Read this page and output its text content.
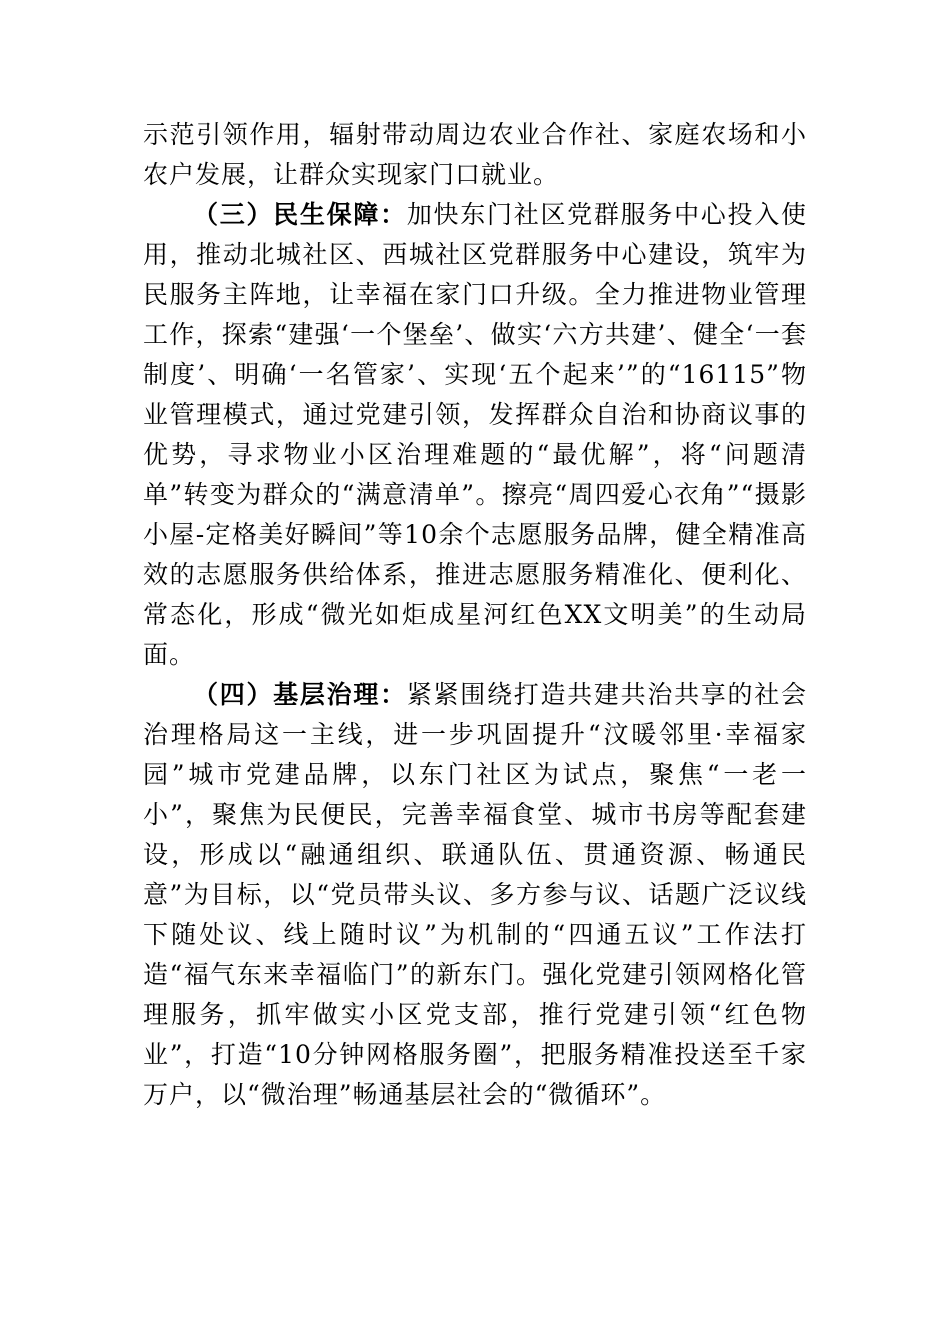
示范引领作用，辐射带动周边农业合作社、家庭农场和小农户发展，让群众实现家门口就业。

（三）民生保障：加快东门社区党群服务中心投入使用，推动北城社区、西城社区党群服务中心建设，筑牢为民服务主阵地，让幸福在家门口升级。全力推进物业管理工作，探索“建强‘一个堡垒’、做实‘六方共建’、健全‘一套制度’、明确‘一名管家’、实现‘五个起来’”的“16115”物业管理模式，通过党建引领，发挥群众自治和协商议事的优势，寻求物业小区治理难题的“最优解”，将“问题清单”转变为群众的“满意清单”。擦亮“周四爱心衣角”“摄影小屋-定格美好瞬间”等10余个志愿服务品牌，健全精准高效的志愿服务供给体系，推进志愿服务精准化、便利化、常态化，形成“微光如炬成星河红色XX文明美”的生动局面。

（四）基层治理：紧紧围绕打造共建共治共享的社会治理格局这一主线，进一步巩固提升“汶暖邻里·幸福家园”城市党建品牌，以东门社区为试点，聚焦“一老一小”，聚焦为民便民，完善幸福食堂、城市书房等配套建设，形成以“融通组织、联通队伍、贯通资源、畅通民意”为目标，以“党员带头议、多方参与议、话题广泛议线下随处议、线上随时议”为机制的“四通五议”工作法打造“福气东来幸福临门”的新东门。强化党建引领网格化管理服务，抓牢做实小区党支部，推行党建引领“红色物业”，打造“10分钟网格服务圈”，把服务精准投送至千家万户，以“微治理”畅通基层社会的“微循环”。
